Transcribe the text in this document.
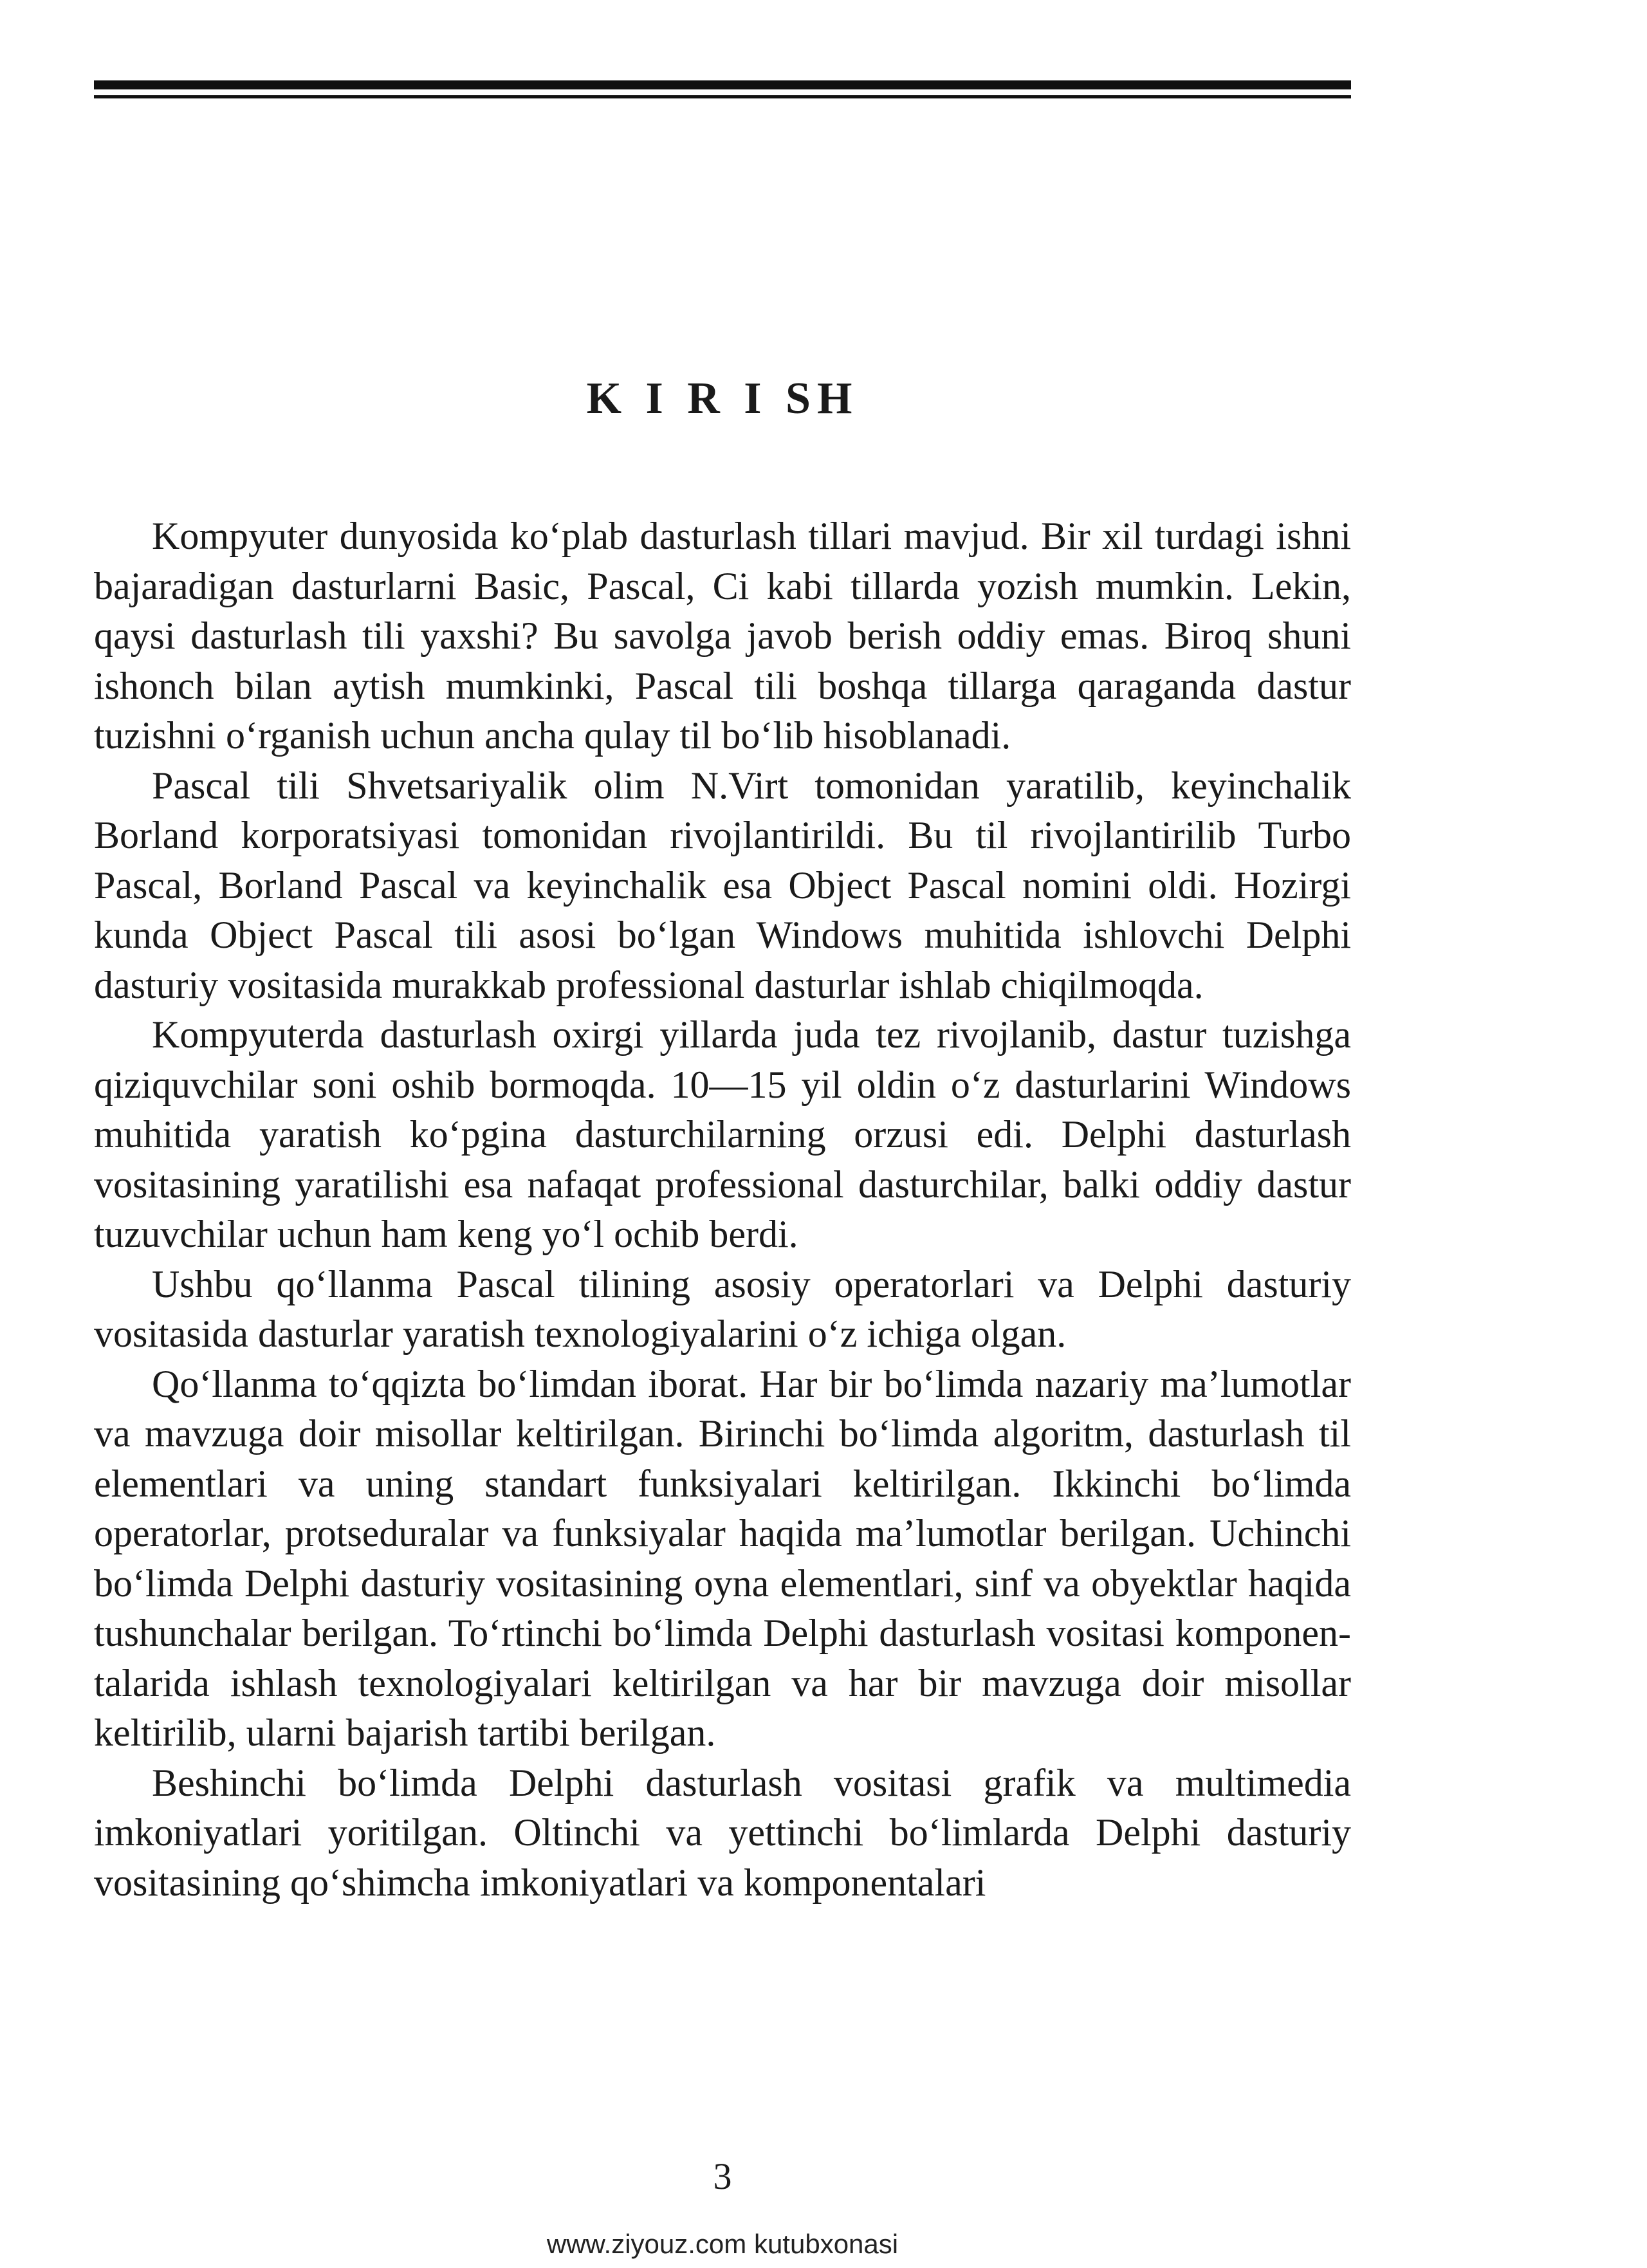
K I R I SH

Kompyuter dunyosida ko‘plab dasturlash tillari mavjud. Bir xil turdagi ishni bajaradigan dasturlarni Basic, Pascal, Ci kabi tillarda yozish mumkin. Lekin, qaysi dasturlash tili yaxshi? Bu savolga javob berish oddiy emas. Biroq shuni ishonch bilan aytish mumkinki, Pascal tili boshqa tillarga qaraganda dastur tuzishni o‘rganish uchun ancha qulay til bo‘lib hisoblanadi.

Pascal tili Shvetsariyalik olim N.Virt tomonidan yaratilib, keyinchalik Borland korporatsiyasi tomonidan rivojlantirildi. Bu til rivojlantirilib Turbo Pascal, Borland Pascal va keyinchalik esa Object Pascal nomini oldi. Hozirgi kunda Object Pascal tili asosi bo‘lgan Windows muhitida ishlovchi Delphi dasturiy vositasida murakkab professional dasturlar ishlab chiqilmoqda.

Kompyuterda dasturlash oxirgi yillarda juda tez rivojlanib, dastur tuzishga qiziquvchilar soni oshib bormoqda. 10—15 yil oldin o‘z dasturlarini Windows muhitida yaratish ko‘pgina dasturchilarning orzusi edi. Delphi dasturlash vositasining yaratilishi esa nafaqat professional dasturchilar, balki oddiy dastur tuzuvchilar uchun ham keng yo‘l ochib berdi.

Ushbu qo‘llanma Pascal tilining asosiy operatorlari va Delphi dasturiy vositasida dasturlar yaratish texnologiyalarini o‘z ichiga olgan.

Qo‘llanma to‘qqizta bo‘limdan iborat. Har bir bo‘limda nazariy ma’lumotlar va mavzuga doir misollar keltirilgan. Birinchi bo‘limda algoritm, dasturlash til elementlari va uning standart funksiyalari keltirilgan. Ikkinchi bo‘limda operatorlar, protseduralar va funksiyalar haqida ma’lumotlar berilgan. Uchinchi bo‘limda Delphi dasturiy vositasining oyna elementlari, sinf va obyektlar haqida tushunchalar berilgan. To‘rtinchi bo‘limda Delphi dasturlash vositasi komponentalarida ishlash texnologiyalari keltirilgan va har bir mavzuga doir misollar keltirilib, ularni bajarish tartibi berilgan.

Beshinchi bo‘limda Delphi dasturlash vositasi grafik va multimedia imkoniyatlari yoritilgan. Oltinchi va yettinchi bo‘limlarda Delphi dasturiy vositasining qo‘shimcha imkoniyatlari va komponentalari

3
www.ziyouz.com kutubxonasi
